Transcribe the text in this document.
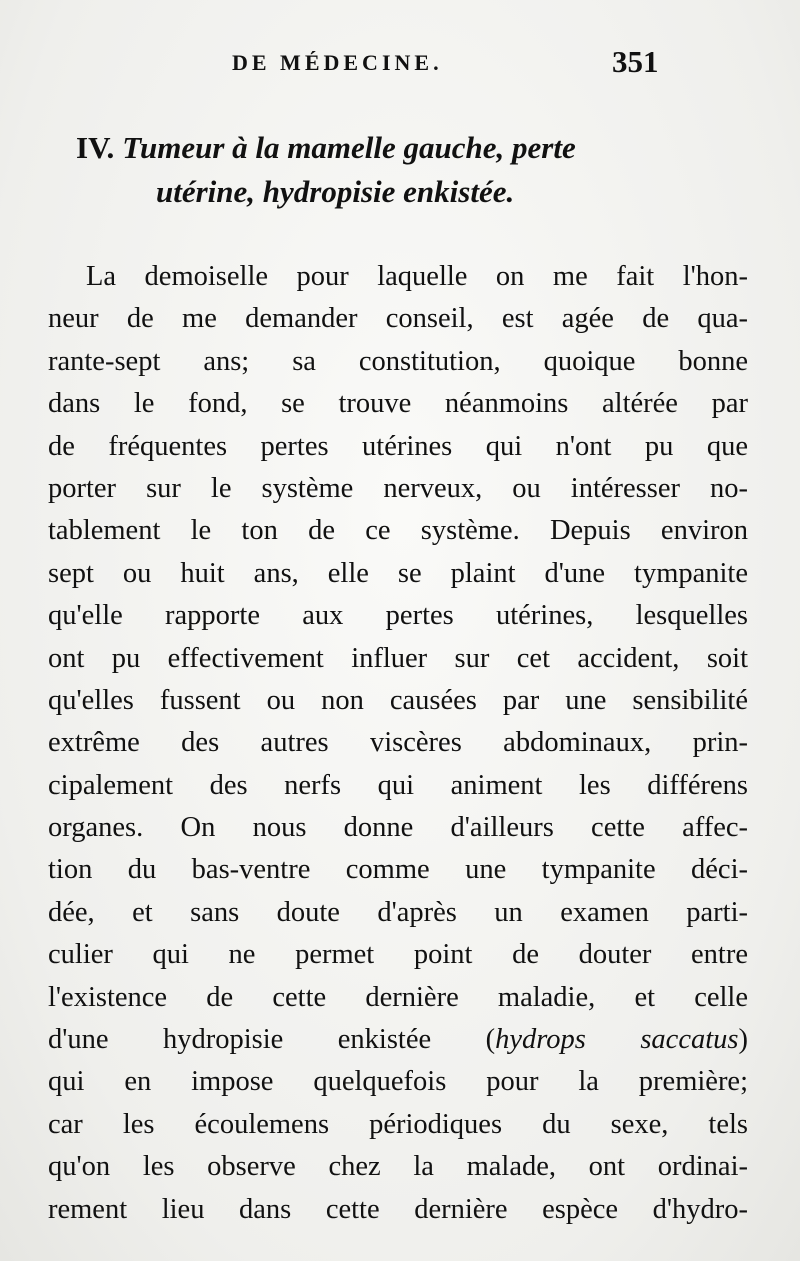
DE MÉDECINE.	351
IV. Tumeur à la mamelle gauche, perte
utérine, hydropisie enkistée.
La demoiselle pour laquelle on me fait l'hon-
neur de me demander conseil, est agée de qua-
rante-sept ans; sa constitution, quoique bonne
dans le fond, se trouve néanmoins altérée par
de fréquentes pertes utérines qui n'ont pu que
porter sur le système nerveux, ou intéresser no-
tablement le ton de ce système. Depuis environ
sept ou huit ans, elle se plaint d'une tympanite
qu'elle rapporte aux pertes utérines, lesquelles
ont pu effectivement influer sur cet accident, soit
qu'elles fussent ou non causées par une sensibilité
extrême des autres viscères abdominaux, prin-
cipalement des nerfs qui animent les différens
organes. On nous donne d'ailleurs cette affec-
tion du bas-ventre comme une tympanite déci-
dée, et sans doute d'après un examen parti-
culier qui ne permet point de douter entre
l'existence de cette dernière maladie, et celle
d'une hydropisie enkistée (hydrops saccatus)
qui en impose quelquefois pour la première;
car les écoulemens périodiques du sexe, tels
qu'on les observe chez la malade, ont ordinai-
rement lieu dans cette dernière espèce d'hydro-
